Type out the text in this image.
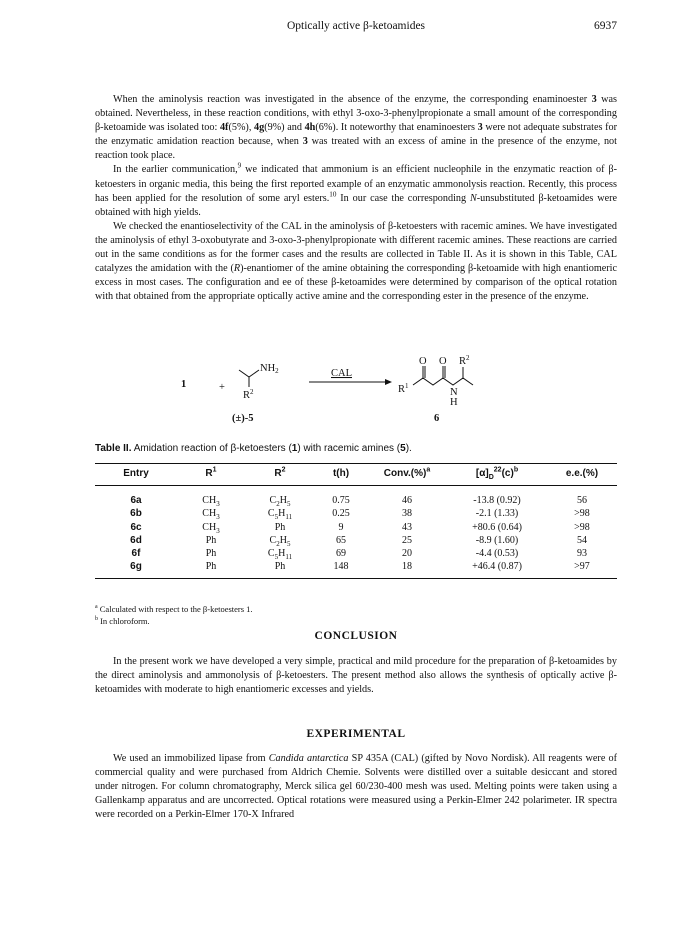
Optically active β-ketoamides	6937

When the aminolysis reaction was investigated in the absence of the enzyme, the corresponding enaminoester 3 was obtained. Nevertheless, in these reaction conditions, with ethyl 3-oxo-3-phenylpropionate a small amount of the corresponding β-ketoamide was isolated too: 4f(5%), 4g(9%) and 4h(6%). It noteworthy that enaminoesters 3 were not adequate substrates for the enzymatic amidation reaction because, when 3 was treated with an excess of amine in the presence of the enzyme, not reaction took place.

In the earlier communication,$^9$ we indicated that ammonium is an efficient nucleophile in the enzymatic reaction of β-ketoesters in organic media, this being the first reported example of an enzymatic ammonolysis reaction. Recently, this process has been applied for the resolution of some aryl esters.$^{10}$ In our case the corresponding N-unsubstituted β-ketoamides were obtained with high yields.

We checked the enantioselectivity of the CAL in the aminolysis of β-ketoesters with racemic amines. We have investigated the aminolysis of ethyl 3-oxobutyrate and 3-oxo-3-phenylpropionate with different racemic amines. These reactions are carried out in the same conditions as for the former cases and the results are collected in Table II. As it is shown in this Table, CAL catalyzes the amidation with the (R)-enantiomer of the amine obtaining the corresponding β-ketoamide with high enantiomeric excess in most cases. The configuration and ee of these β-ketoamides were determined by comparison of the optical rotation with that obtained from the appropriate optically active amine and the corresponding ester in the presence of the enzyme.

1	+
NH2
$R^2$
(±)-5
CAL
O O $R^2$
$R^1$
N
H
6
Table II. Amidation reaction of β-ketoesters (1) with racemic amines (5).
Entry	$R^1$	$R^2$	t(h)	Conv.(%)$^a$	$[\alpha]_D^{22}(c)^b$	e.e.(%)
6a	$CH_3$	$C_2H_5$	0.75	46	-13.8 (0.92)	56
6b	$CH_3$	$C_5H_{11}$	0.25	38	-2.1 (1.33)	>98
6c	$CH_3$	Ph	9	43	+80.6 (0.64)	>98
6d	Ph	$C_2H_5$	65	25	-8.9 (1.60)	54
6f	Ph	$C_5H_{11}$	69	20	-4.4 (0.53)	93
6g	Ph	Ph	148	18	+46.4 (0.87)	>97
$^a$ Calculated with respect to the β-ketoesters 1.
$^b$ In chloroform.
CONCLUSION

In the present work we have developed a very simple, practical and mild procedure for the preparation of β-ketoamides by the direct aminolysis and ammonolysis of β-ketoesters. The present method also allows the synthesis of optically active β-ketoamides with moderate to high enantiomeric excesses and yields.

EXPERIMENTAL

We used an immobilized lipase from Candida antarctica SP 435A (CAL) (gifted by Novo Nordisk). All reagents were of commercial quality and were purchased from Aldrich Chemie. Solvents were distilled over a suitable desiccant and stored under nitrogen. For column chromatography, Merck silica gel 60/230-400 mesh was used. Melting points were taken using a Gallenkamp apparatus and are uncorrected. Optical rotations were measured using a Perkin-Elmer 242 polarimeter. IR spectra were recorded on a Perkin-Elmer 170-X Infrared
